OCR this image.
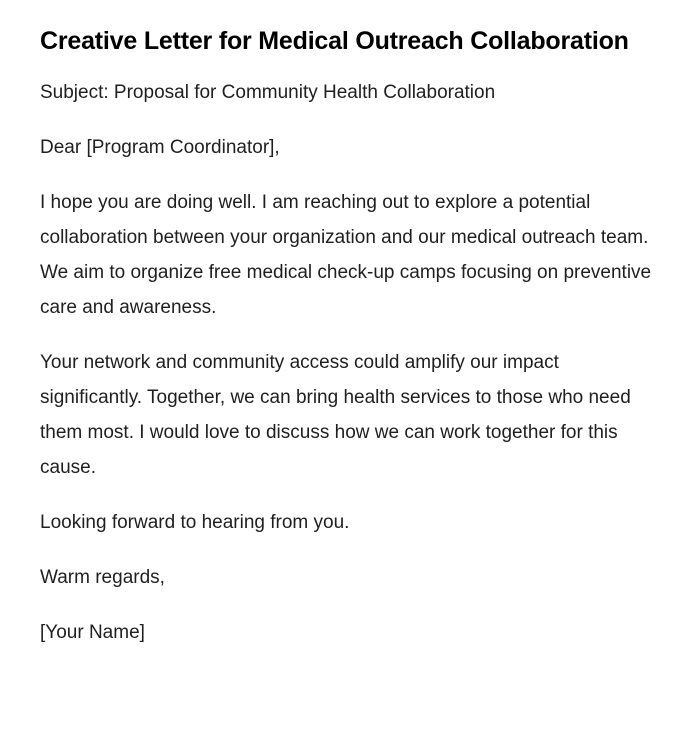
Creative Letter for Medical Outreach Collaboration

Subject: Proposal for Community Health Collaboration

Dear [Program Coordinator],

I hope you are doing well. I am reaching out to explore a potential collaboration between your organization and our medical outreach team. We aim to organize free medical check-up camps focusing on preventive care and awareness.

Your network and community access could amplify our impact significantly. Together, we can bring health services to those who need them most. I would love to discuss how we can work together for this cause.

Looking forward to hearing from you.

Warm regards,

[Your Name]
